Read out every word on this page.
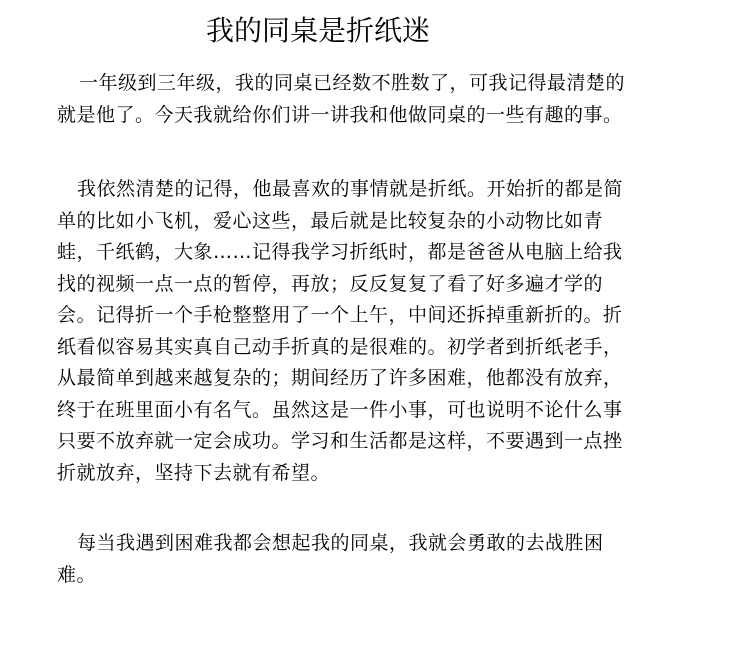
我的同桌是折纸迷

一年级到三年级，我的同桌已经数不胜数了，可我记得最清楚的就是他了。今天我就给你们讲一讲我和他做同桌的一些有趣的事。

我依然清楚的记得，他最喜欢的事情就是折纸。开始折的都是简单的比如小飞机，爱心这些，最后就是比较复杂的小动物比如青蛙，千纸鹤，大象……记得我学习折纸时，都是爸爸从电脑上给我找的视频一点一点的暂停，再放；反反复复了看了好多遍才学的会。记得折一个手枪整整用了一个上午，中间还拆掉重新折的。折纸看似容易其实真自己动手折真的是很难的。初学者到折纸老手，从最简单到越来越复杂的；期间经历了许多困难，他都没有放弃，终于在班里面小有名气。虽然这是一件小事，可也说明不论什么事只要不放弃就一定会成功。学习和生活都是这样，不要遇到一点挫折就放弃，坚持下去就有希望。

每当我遇到困难我都会想起我的同桌，我就会勇敢的去战胜困难。
